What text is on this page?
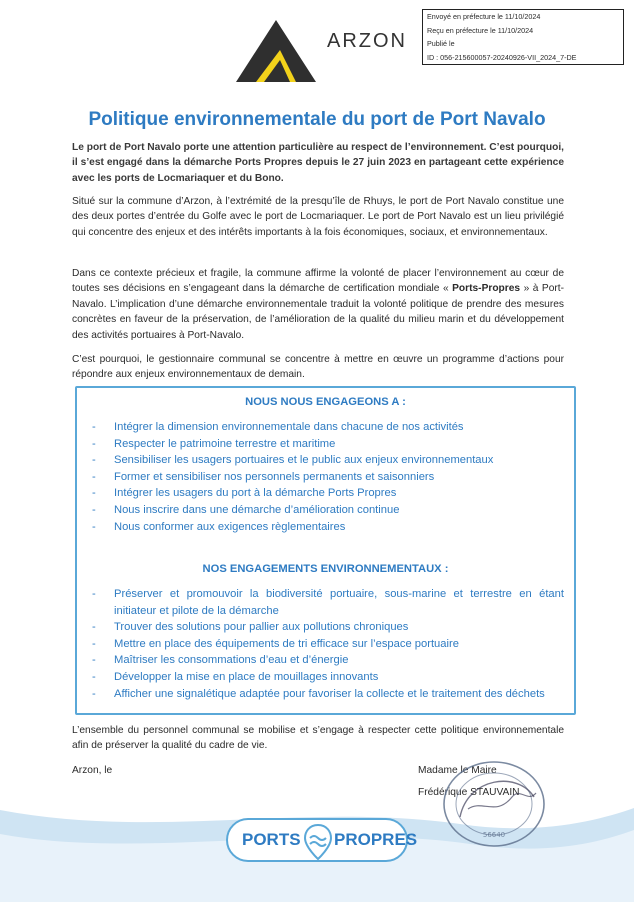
ARZON
Envoyé en préfecture le 11/10/2024
Reçu en préfecture le 11/10/2024
Publié le
ID : 056-215600057-20240926-VII_2024_7-DE
Politique environnementale du port de Port Navalo
Le port de Port Navalo porte une attention particulière au respect de l’environnement. C’est pourquoi, il s’est engagé dans la démarche Ports Propres depuis le 27 juin 2023 en partageant cette expérience avec les ports de Locmariaquer et du Bono.
Situé sur la commune d’Arzon, à l’extrémité de la presqu’île de Rhuys, le port de Port Navalo constitue une des deux portes d’entrée du Golfe avec le port de Locmariaquer. Le port de Port Navalo est un lieu privilégié qui concentre des enjeux et des intérêts importants à la fois économiques, sociaux, et environnementaux.
Dans ce contexte précieux et fragile, la commune affirme la volonté de placer l’environnement au cœur de toutes ses décisions en s’engageant dans la démarche de certification mondiale « Ports-Propres » à Port-Navalo. L’implication d’une démarche environnementale traduit la volonté politique de prendre des mesures concrètes en faveur de la préservation, de l’amélioration de la qualité du milieu marin et du développement des activités portuaires à Port-Navalo.
C’est pourquoi, le gestionnaire communal se concentre à mettre en œuvre un programme d’actions pour répondre aux enjeux environnementaux de demain.
NOUS NOUS ENGAGEONS A :
- Intégrer la dimension environnementale dans chacune de nos activités
- Respecter le patrimoine terrestre et maritime
- Sensibiliser les usagers portuaires et le public aux enjeux environnementaux
- Former et sensibiliser nos personnels permanents et saisonniers
- Intégrer les usagers du port à la démarche Ports Propres
- Nous inscrire dans une démarche d’amélioration continue
- Nous conformer aux exigences règlementaires
NOS ENGAGEMENTS ENVIRONNEMENTAUX :
- Préserver et promouvoir la biodiversité portuaire, sous-marine et terrestre en étant initiateur et pilote de la démarche
- Trouver des solutions pour pallier aux pollutions chroniques
- Mettre en place des équipements de tri efficace sur l’espace portuaire
- Maîtriser les consommations d’eau et d’énergie
- Développer la mise en place de mouillages innovants
- Afficher une signalétique adaptée pour favoriser la collecte et le traitement des déchets
L’ensemble du personnel communal se mobilise et s’engage à respecter cette politique environnementale afin de préserver la qualité du cadre de vie.
Arzon, le	Madame le Maire
Frédérique STAUVAIN
PORTS PROPRES	56640
